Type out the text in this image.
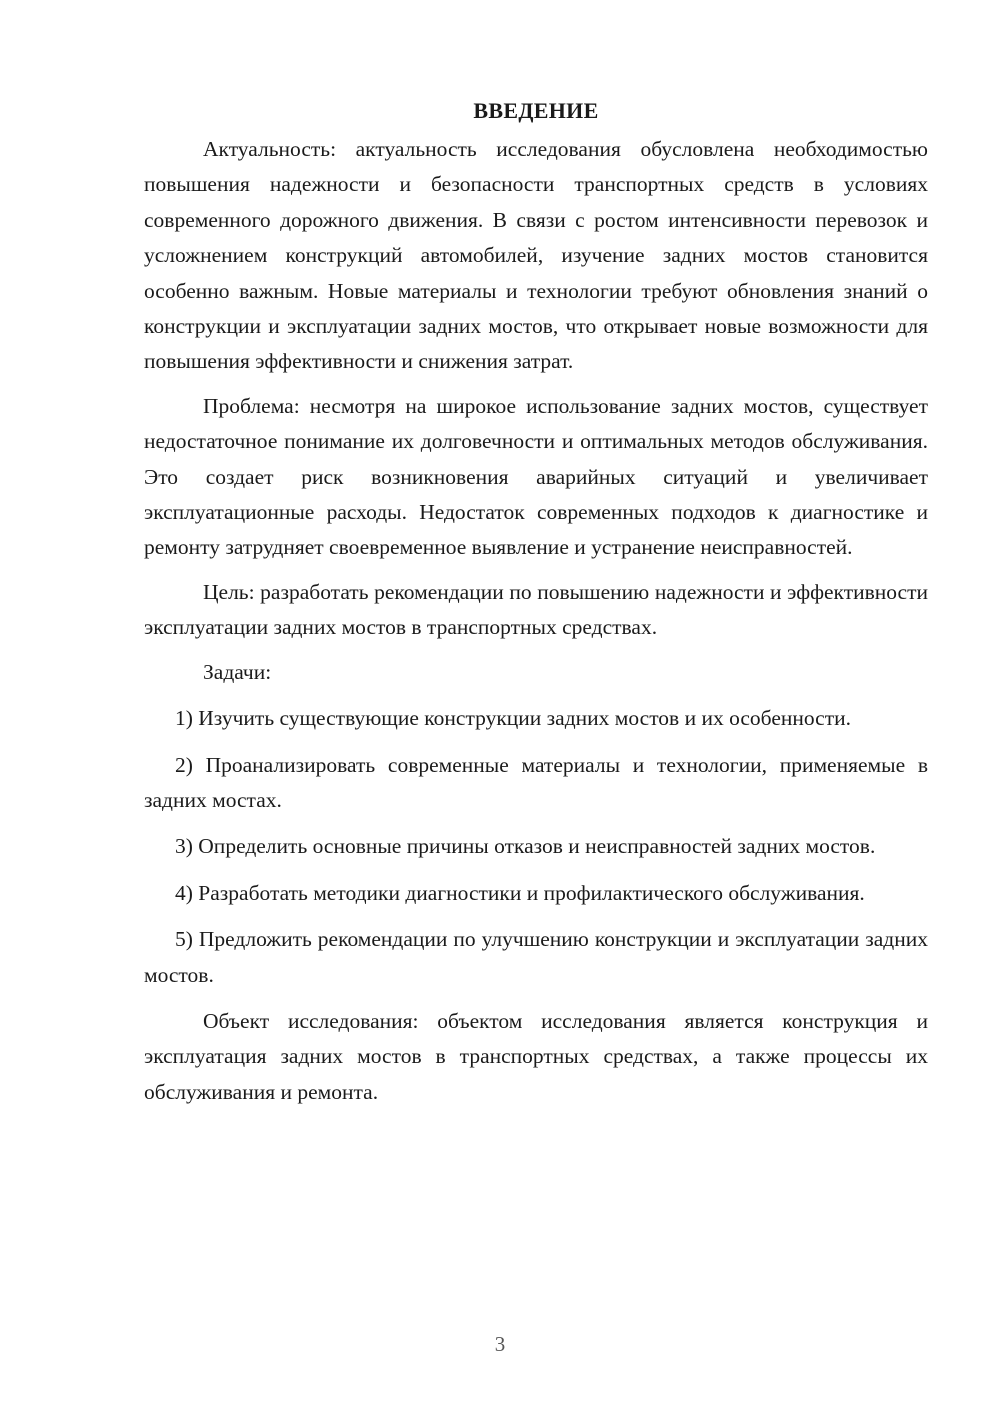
ВВЕДЕНИЕ

Актуальность: актуальность исследования обусловлена необходимостью повышения надежности и безопасности транспортных средств в условиях современного дорожного движения. В связи с ростом интенсивности перевозок и усложнением конструкций автомобилей, изучение задних мостов становится особенно важным. Новые материалы и технологии требуют обновления знаний о конструкции и эксплуатации задних мостов, что открывает новые возможности для повышения эффективности и снижения затрат.

Проблема: несмотря на широкое использование задних мостов, существует недостаточное понимание их долговечности и оптимальных методов обслуживания. Это создает риск возникновения аварийных ситуаций и увеличивает эксплуатационные расходы. Недостаток современных подходов к диагностике и ремонту затрудняет своевременное выявление и устранение неисправностей.

Цель: разработать рекомендации по повышению надежности и эффективности эксплуатации задних мостов в транспортных средствах.

Задачи:

1) Изучить существующие конструкции задних мостов и их особенности.

2) Проанализировать современные материалы и технологии, применяемые в задних мостах.

3) Определить основные причины отказов и неисправностей задних мостов.

4) Разработать методики диагностики и профилактического обслуживания.

5) Предложить рекомендации по улучшению конструкции и эксплуатации задних мостов.

Объект исследования: объектом исследования является конструкция и эксплуатация задних мостов в транспортных средствах, а также процессы их обслуживания и ремонта.

3
